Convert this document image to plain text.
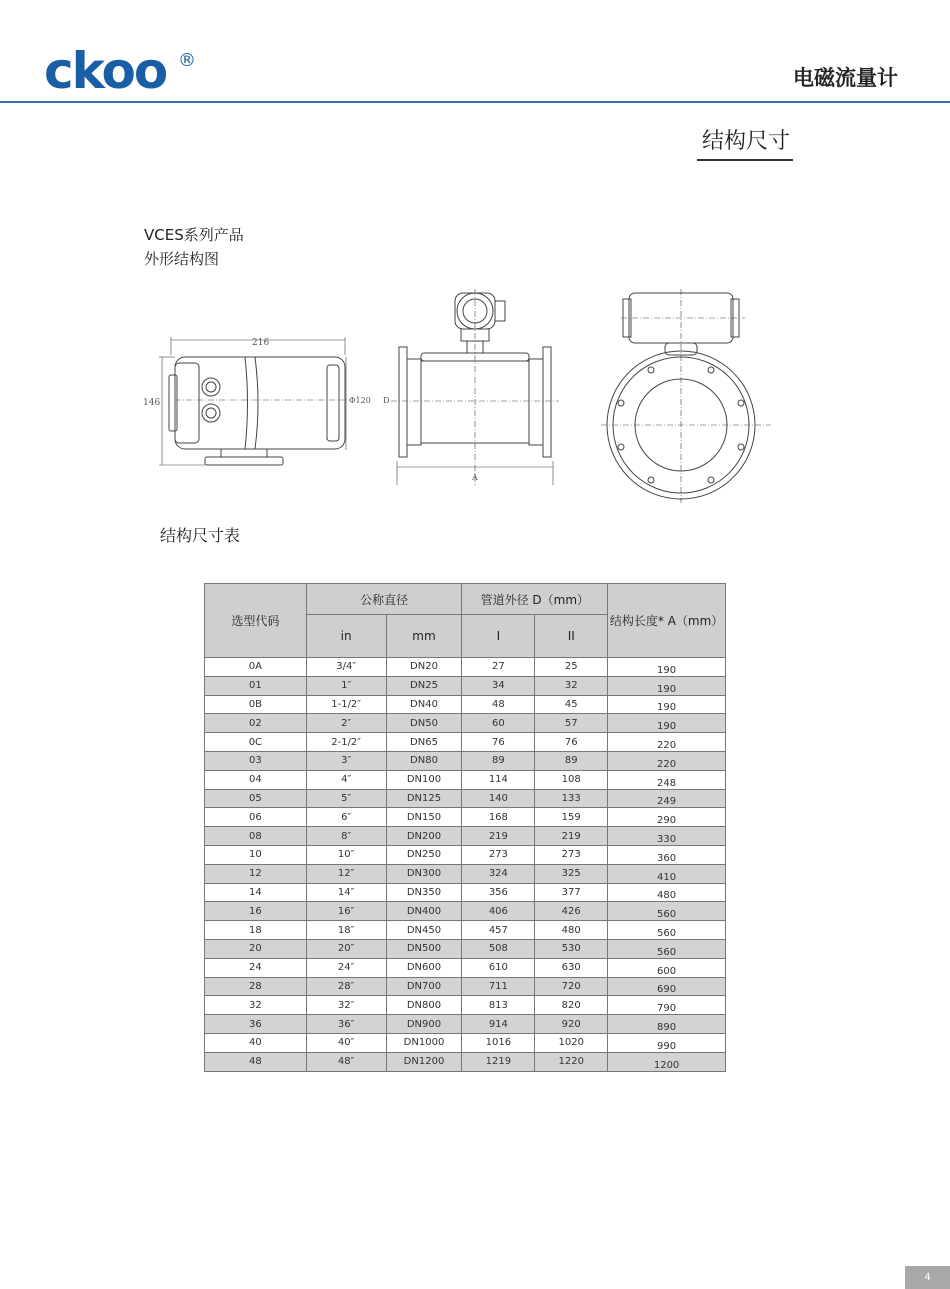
ckoo ®
电磁流量计
结构尺寸
VCES系列产品
外形结构图
216
146	Φ120
A
D
结构尺寸表
选型代码	公称直径		管道外径 D（mm）		结构长度* A（mm）
	in	mm	I	II	
0A	3/4″	DN20	27	25	190
01	1″	DN25	34	32	190
0B	1-1/2″	DN40	48	45	190
02	2″	DN50	60	57	190
0C	2-1/2″	DN65	76	76	220
03	3″	DN80	89	89	220
04	4″	DN100	114	108	248
05	5″	DN125	140	133	249
06	6″	DN150	168	159	290
08	8″	DN200	219	219	330
10	10″	DN250	273	273	360
12	12″	DN300	324	325	410
14	14″	DN350	356	377	480
16	16″	DN400	406	426	560
18	18″	DN450	457	480	560
20	20″	DN500	508	530	560
24	24″	DN600	610	630	600
28	28″	DN700	711	720	690
32	32″	DN800	813	820	790
36	36″	DN900	914	920	890
40	40″	DN1000	1016	1020	990
48	48″	DN1200	1219	1220	1200
4
